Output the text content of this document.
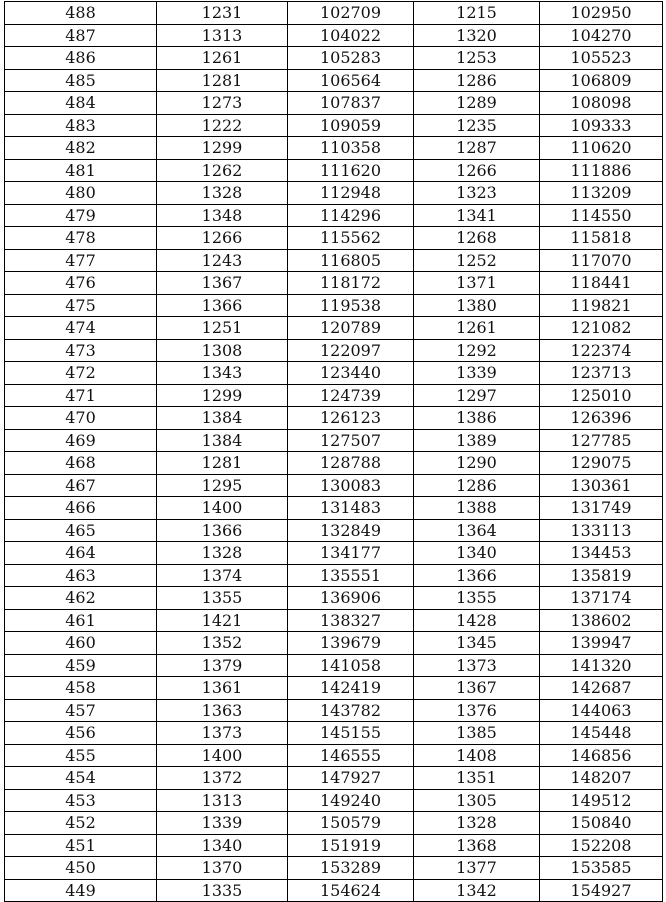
488	1231	102709	1215	102950
487	1313	104022	1320	104270
486	1261	105283	1253	105523
485	1281	106564	1286	106809
484	1273	107837	1289	108098
483	1222	109059	1235	109333
482	1299	110358	1287	110620
481	1262	111620	1266	111886
480	1328	112948	1323	113209
479	1348	114296	1341	114550
478	1266	115562	1268	115818
477	1243	116805	1252	117070
476	1367	118172	1371	118441
475	1366	119538	1380	119821
474	1251	120789	1261	121082
473	1308	122097	1292	122374
472	1343	123440	1339	123713
471	1299	124739	1297	125010
470	1384	126123	1386	126396
469	1384	127507	1389	127785
468	1281	128788	1290	129075
467	1295	130083	1286	130361
466	1400	131483	1388	131749
465	1366	132849	1364	133113
464	1328	134177	1340	134453
463	1374	135551	1366	135819
462	1355	136906	1355	137174
461	1421	138327	1428	138602
460	1352	139679	1345	139947
459	1379	141058	1373	141320
458	1361	142419	1367	142687
457	1363	143782	1376	144063
456	1373	145155	1385	145448
455	1400	146555	1408	146856
454	1372	147927	1351	148207
453	1313	149240	1305	149512
452	1339	150579	1328	150840
451	1340	151919	1368	152208
450	1370	153289	1377	153585
449	1335	154624	1342	154927
